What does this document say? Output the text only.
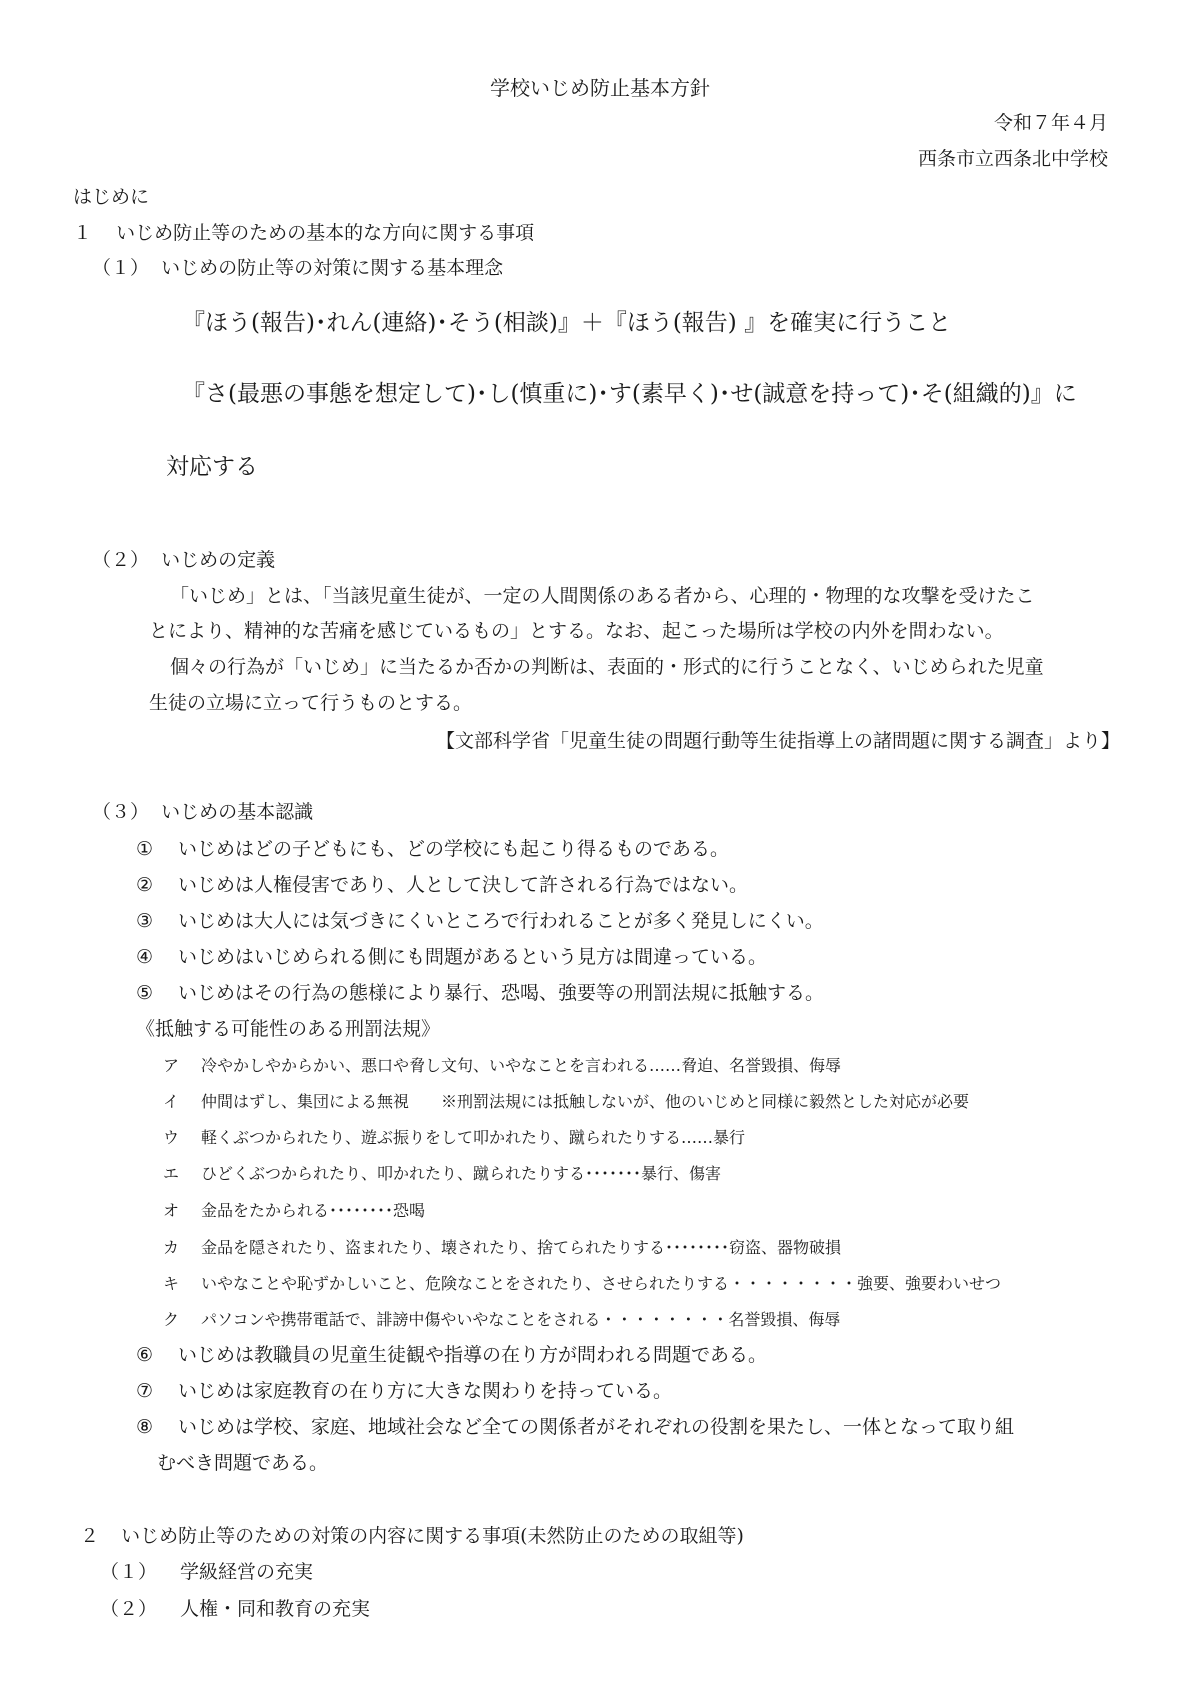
学校いじめ防止基本方針
令和７年４月
西条市立西条北中学校
はじめに
１ いじめ防止等のための基本的な方向に関する事項
（１） いじめの防止等の対策に関する基本理念
『ほう(報告)･れん(連絡)･そう(相談)』＋『ほう(報告) 』を確実に行うこと
『さ(最悪の事態を想定して)･し(慎重に)･す(素早く)･せ(誠意を持って)･そ(組織的)』に
対応する
（２） いじめの定義
「いじめ」とは、「当該児童生徒が、一定の人間関係のある者から、心理的・物理的な攻撃を受けたこ
とにより、精神的な苦痛を感じているもの」とする。なお、起こった場所は学校の内外を問わない。
個々の行為が「いじめ」に当たるか否かの判断は、表面的・形式的に行うことなく、いじめられた児童
生徒の立場に立って行うものとする。
【文部科学省「児童生徒の問題行動等生徒指導上の諸問題に関する調査」より】
（３） いじめの基本認識
① いじめはどの子どもにも、どの学校にも起こり得るものである。
② いじめは人権侵害であり、人として決して許される行為ではない。
③ いじめは大人には気づきにくいところで行われることが多く発見しにくい。
④ いじめはいじめられる側にも問題があるという見方は間違っている。
⑤ いじめはその行為の態様により暴行、恐喝、強要等の刑罰法規に抵触する。
《抵触する可能性のある刑罰法規》
ア 冷やかしやからかい、悪口や脅し文句、いやなことを言われる……脅迫、名誉毀損、侮辱
イ 仲間はずし、集団による無視　　※刑罰法規には抵触しないが、他のいじめと同様に毅然とした対応が必要
ウ 軽くぶつかられたり、遊ぶ振りをして叩かれたり、蹴られたりする……暴行
エ ひどくぶつかられたり、叩かれたり、蹴られたりする･･･････暴行、傷害
オ 金品をたかられる････････恐喝
カ 金品を隠されたり、盗まれたり、壊されたり、捨てられたりする････････窃盗、器物破損
キ いやなことや恥ずかしいこと、危険なことをされたり、させられたりする・・・・・・・・強要、強要わいせつ
ク パソコンや携帯電話で、誹謗中傷やいやなことをされる・・・・・・・・名誉毀損、侮辱
⑥ いじめは教職員の児童生徒観や指導の在り方が問われる問題である。
⑦ いじめは家庭教育の在り方に大きな関わりを持っている。
⑧ いじめは学校、家庭、地域社会など全ての関係者がそれぞれの役割を果たし、一体となって取り組
むべき問題である。
２ いじめ防止等のための対策の内容に関する事項(未然防止のための取組等)
（１） 学級経営の充実
（２） 人権・同和教育の充実
